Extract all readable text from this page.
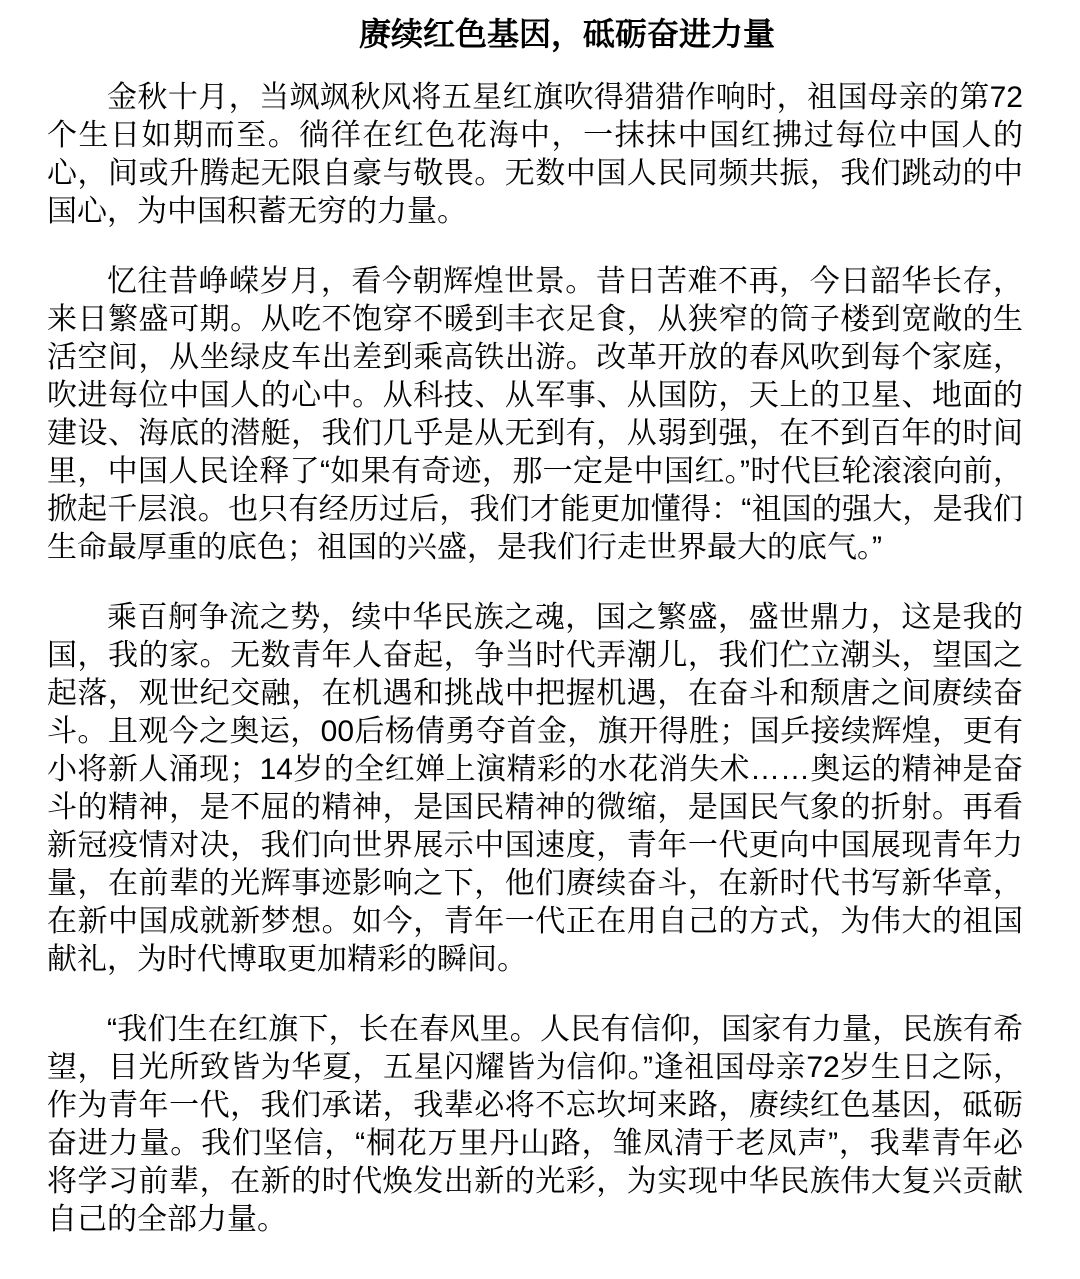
赓续红色基因，砥砺奋进力量

金秋十月，当飒飒秋风将五星红旗吹得猎猎作响时，祖国母亲的第72个生日如期而至。徜徉在红色花海中，一抹抹中国红拂过每位中国人的心，间或升腾起无限自豪与敬畏。无数中国人民同频共振，我们跳动的中国心，为中国积蓄无穷的力量。

忆往昔峥嵘岁月，看今朝辉煌世景。昔日苦难不再，今日韶华长存，来日繁盛可期。从吃不饱穿不暖到丰衣足食，从狭窄的筒子楼到宽敞的生活空间，从坐绿皮车出差到乘高铁出游。改革开放的春风吹到每个家庭，吹进每位中国人的心中。从科技、从军事、从国防，天上的卫星、地面的建设、海底的潜艇，我们几乎是从无到有，从弱到强，在不到百年的时间里，中国人民诠释了“如果有奇迹，那一定是中国红。”时代巨轮滚滚向前，掀起千层浪。也只有经历过后，我们才能更加懂得：“祖国的强大，是我们生命最厚重的底色；祖国的兴盛，是我们行走世界最大的底气。”

乘百舸争流之势，续中华民族之魂，国之繁盛，盛世鼎力，这是我的国，我的家。无数青年人奋起，争当时代弄潮儿，我们伫立潮头，望国之起落，观世纪交融，在机遇和挑战中把握机遇，在奋斗和颓唐之间赓续奋斗。且观今之奥运，00后杨倩勇夺首金，旗开得胜；国乒接续辉煌，更有小将新人涌现；14岁的全红婵上演精彩的水花消失术……奥运的精神是奋斗的精神，是不屈的精神，是国民精神的微缩，是国民气象的折射。再看新冠疫情对决，我们向世界展示中国速度，青年一代更向中国展现青年力量，在前辈的光辉事迹影响之下，他们赓续奋斗，在新时代书写新华章，在新中国成就新梦想。如今，青年一代正在用自己的方式，为伟大的祖国献礼，为时代博取更加精彩的瞬间。

“我们生在红旗下，长在春风里。人民有信仰，国家有力量，民族有希望，目光所致皆为华夏，五星闪耀皆为信仰。”逢祖国母亲72岁生日之际，作为青年一代，我们承诺，我辈必将不忘坎坷来路，赓续红色基因，砥砺奋进力量。我们坚信，“桐花万里丹山路，雏凤清于老凤声”，我辈青年必将学习前辈，在新的时代焕发出新的光彩，为实现中华民族伟大复兴贡献自己的全部力量。
